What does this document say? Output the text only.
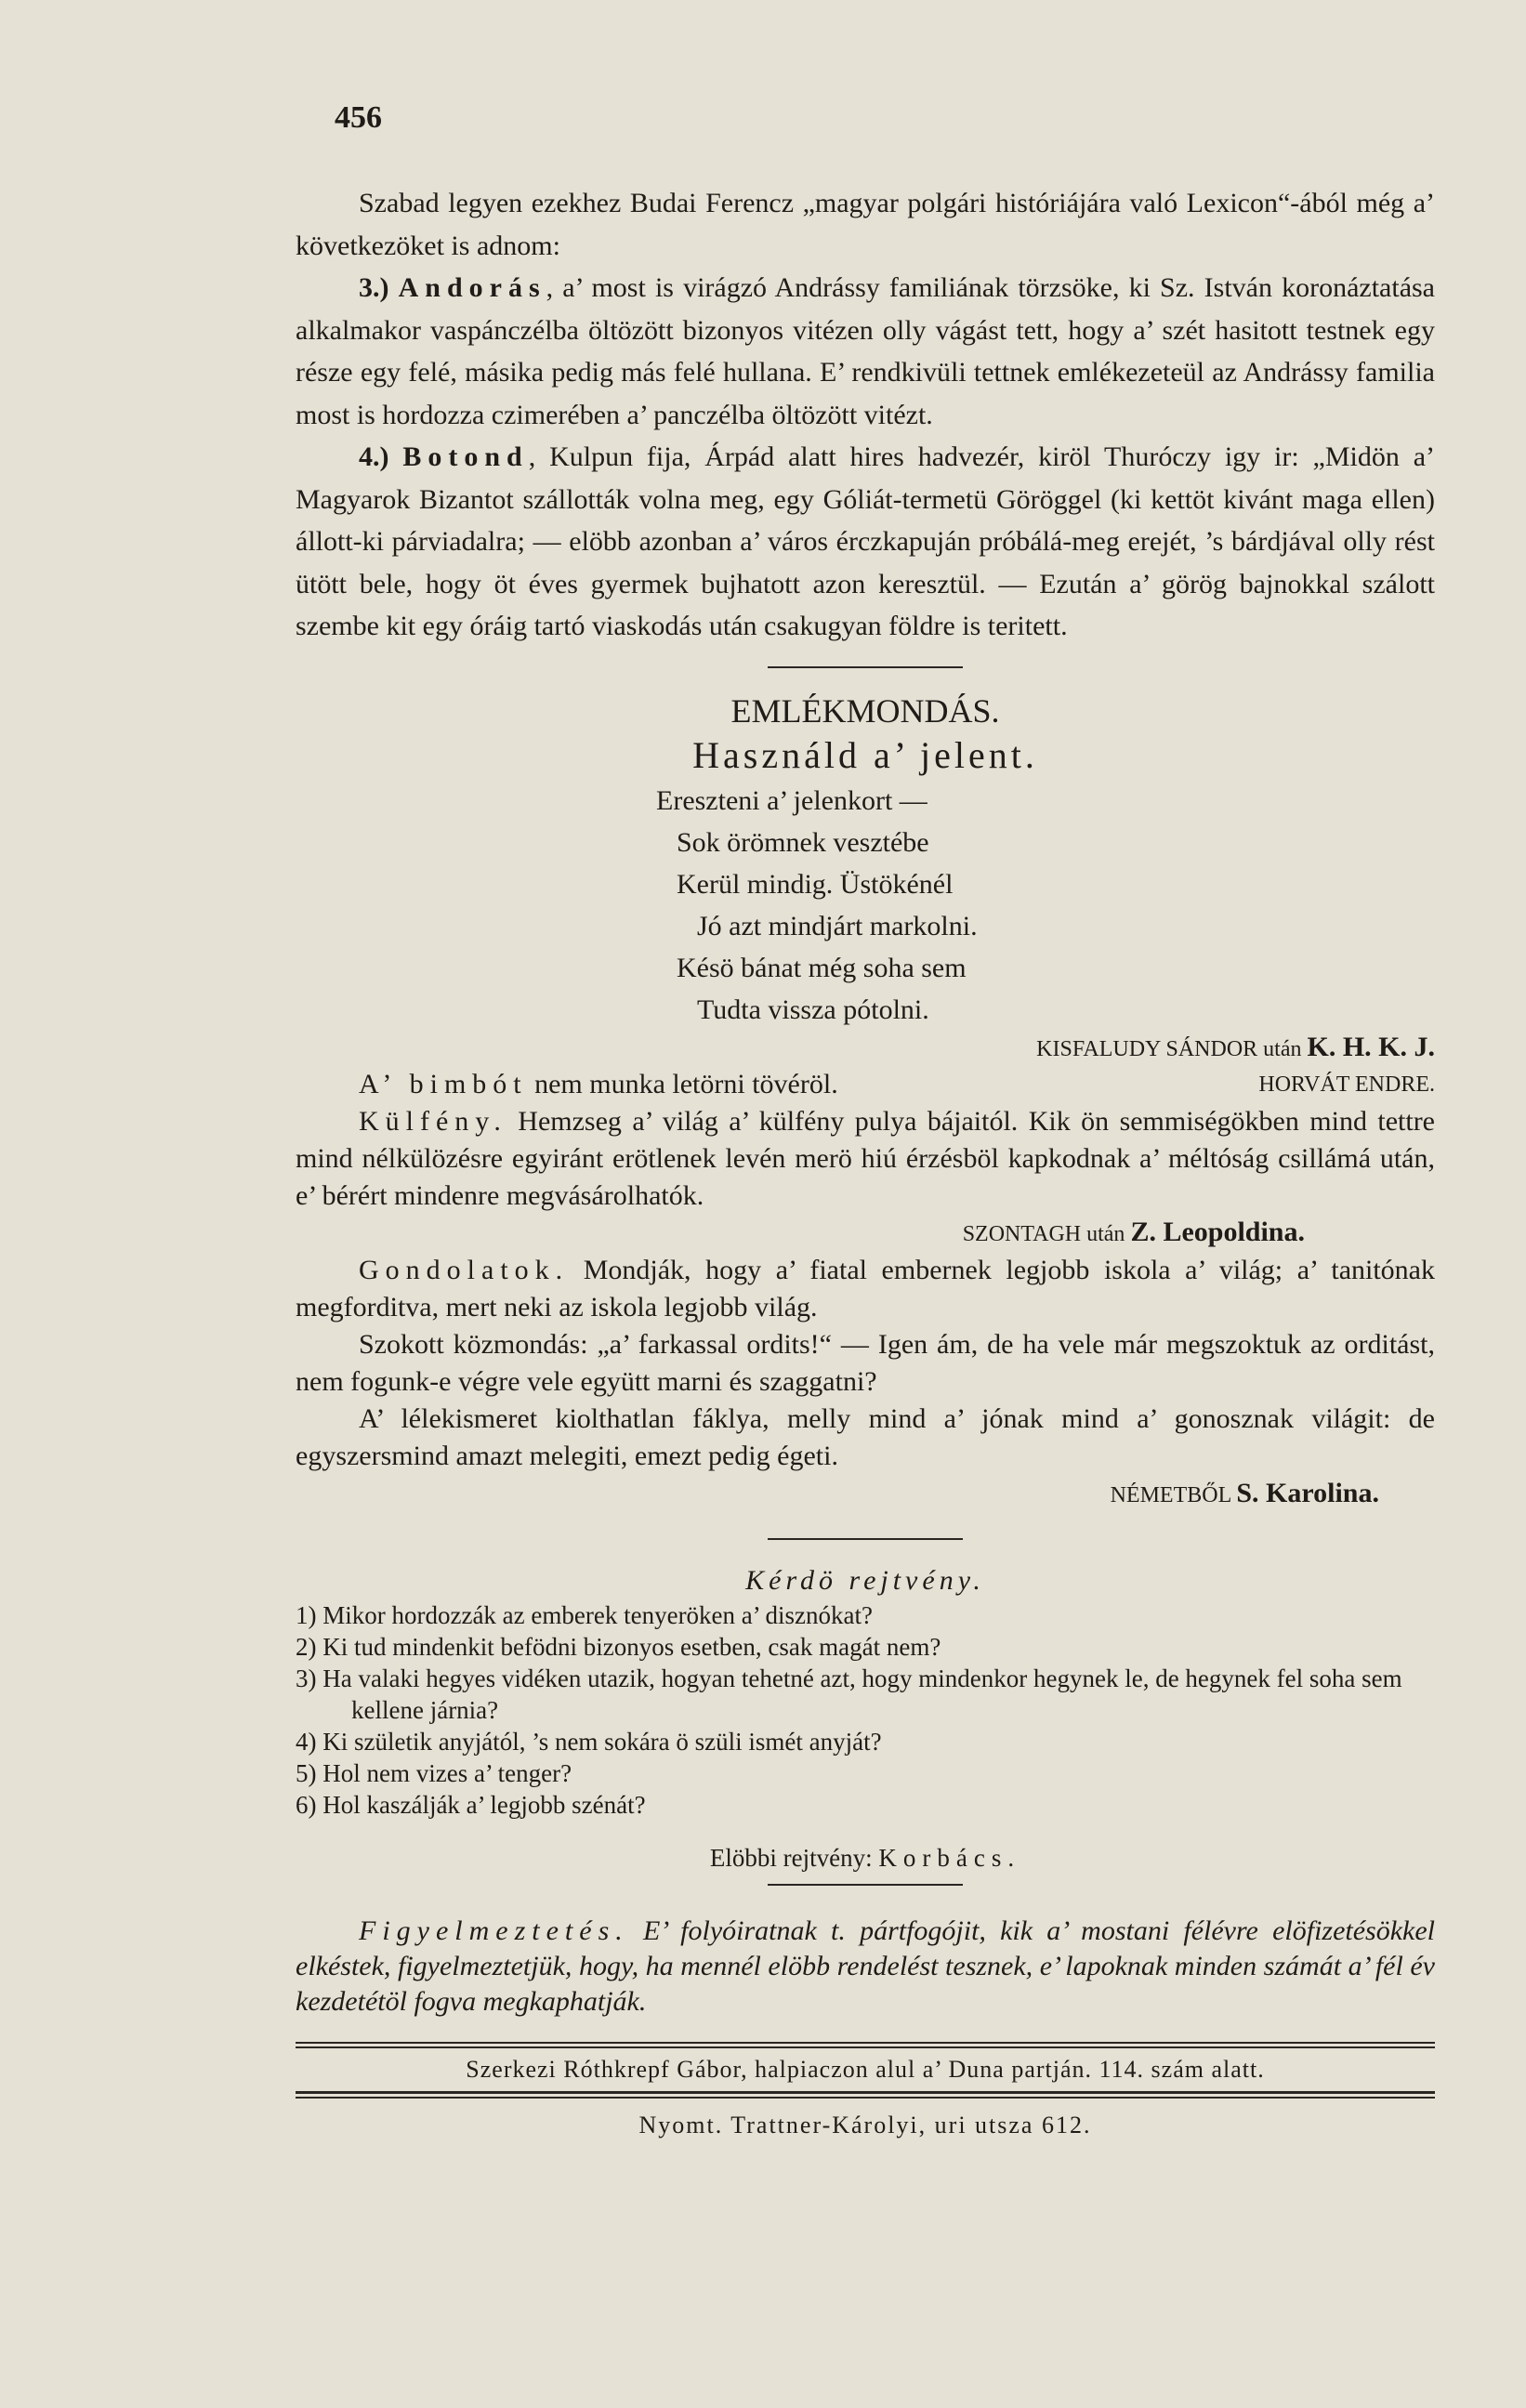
456

Szabad legyen ezekhez Budai Ferencz „magyar polgári históriájára való Lexicon“-ából még a’ következöket is adnom:

3.) Andorás, a’ most is virágzó Andrássy familiának törzsöke, ki Sz. István koronáztatása alkalmakor vaspánczélba öltözött bizonyos vitézen olly vágást tett, hogy a’ szét hasitott testnek egy része egy felé, másika pedig más felé hullana. E’ rendkivüli tettnek emlékezeteül az Andrássy familia most is hordozza czimerében a’ panczélba öltözött vitézt.

4.) Botond, Kulpun fija, Árpád alatt hires hadvezér, kiröl Thuróczy igy ir: „Midön a’ Magyarok Bizantot szállották volna meg, egy Góliát-termetü Göröggel (ki kettöt kivánt maga ellen) állott-ki párviadalra; — elöbb azonban a’ város érczkapuján próbálá-meg erejét, ’s bárdjával olly rést ütött bele, hogy öt éves gyermek bujhatott azon keresztül. — Ezután a’ görög bajnokkal szálott szembe kit egy óráig tartó viaskodás után csakugyan földre is teritett.

EMLÉKMONDÁS.
Használd a’ jelent.
Ereszteni a’ jelenkort —
Sok örömnek vesztébe
Kerül mindig. Üstökénél
Jó azt mindjárt markolni.
Késö bánat még soha sem
Tudta vissza pótolni.
KISFALUDY SÁNDOR után K. H. K. J.

A’ bimbót nem munka letörni tövéröl.	HORVÁT ENDRE.

Külfény. Hemzseg a’ világ a’ külfény pulya bájaitól. Kik ön semmiségökben mind tettre mind nélkülözésre egyiránt erötlenek levén merö hiú érzésböl kapkodnak a’ méltóság csillámá után, e’ bérért mindenre megvásárolhatók.

SZONTAGH után Z. Leopoldina.

Gondolatok. Mondják, hogy a’ fiatal embernek legjobb iskola a’ világ; a’ tanitónak megforditva, mert neki az iskola legjobb világ.

Szokott közmondás: „a’ farkassal ordits!“ — Igen ám, de ha vele már megszoktuk az orditást, nem fogunk-e végre vele együtt marni és szaggatni?

A’ lélekismeret kiolthatlan fáklya, melly mind a’ jónak mind a’ gonosznak világit: de egyszersmind amazt melegiti, emezt pedig égeti.

NÉMETBŐL S. Karolina.
Kérdö rejtvény.
1) Mikor hordozzák az emberek tenyeröken a’ disznókat?
2) Ki tud mindenkit befödni bizonyos esetben, csak magát nem?
3) Ha valaki hegyes vidéken utazik, hogyan tehetné azt, hogy mindenkor hegynek le, de hegynek fel soha sem kellene járnia?
4) Ki születik anyjától, ’s nem sokára ö szüli ismét anyját?
5) Hol nem vizes a’ tenger?
6) Hol kaszálják a’ legjobb szénát?
Elöbbi rejtvény: Korbács.

Figyelmeztetés. E’ folyóiratnak t. pártfogójit, kik a’ mostani félévre elöfizetésökkel elkéstek, figyelmeztetjük, hogy, ha mennél elöbb rendelést tesznek, e’ lapoknak minden számát a’ fél év kezdetétöl fogva megkaphatják.

Szerkezi Róthkrepf Gábor, halpiaczon alul a’ Duna partján. 114. szám alatt.
Nyomt. Trattner-Károlyi, uri utsza 612.
